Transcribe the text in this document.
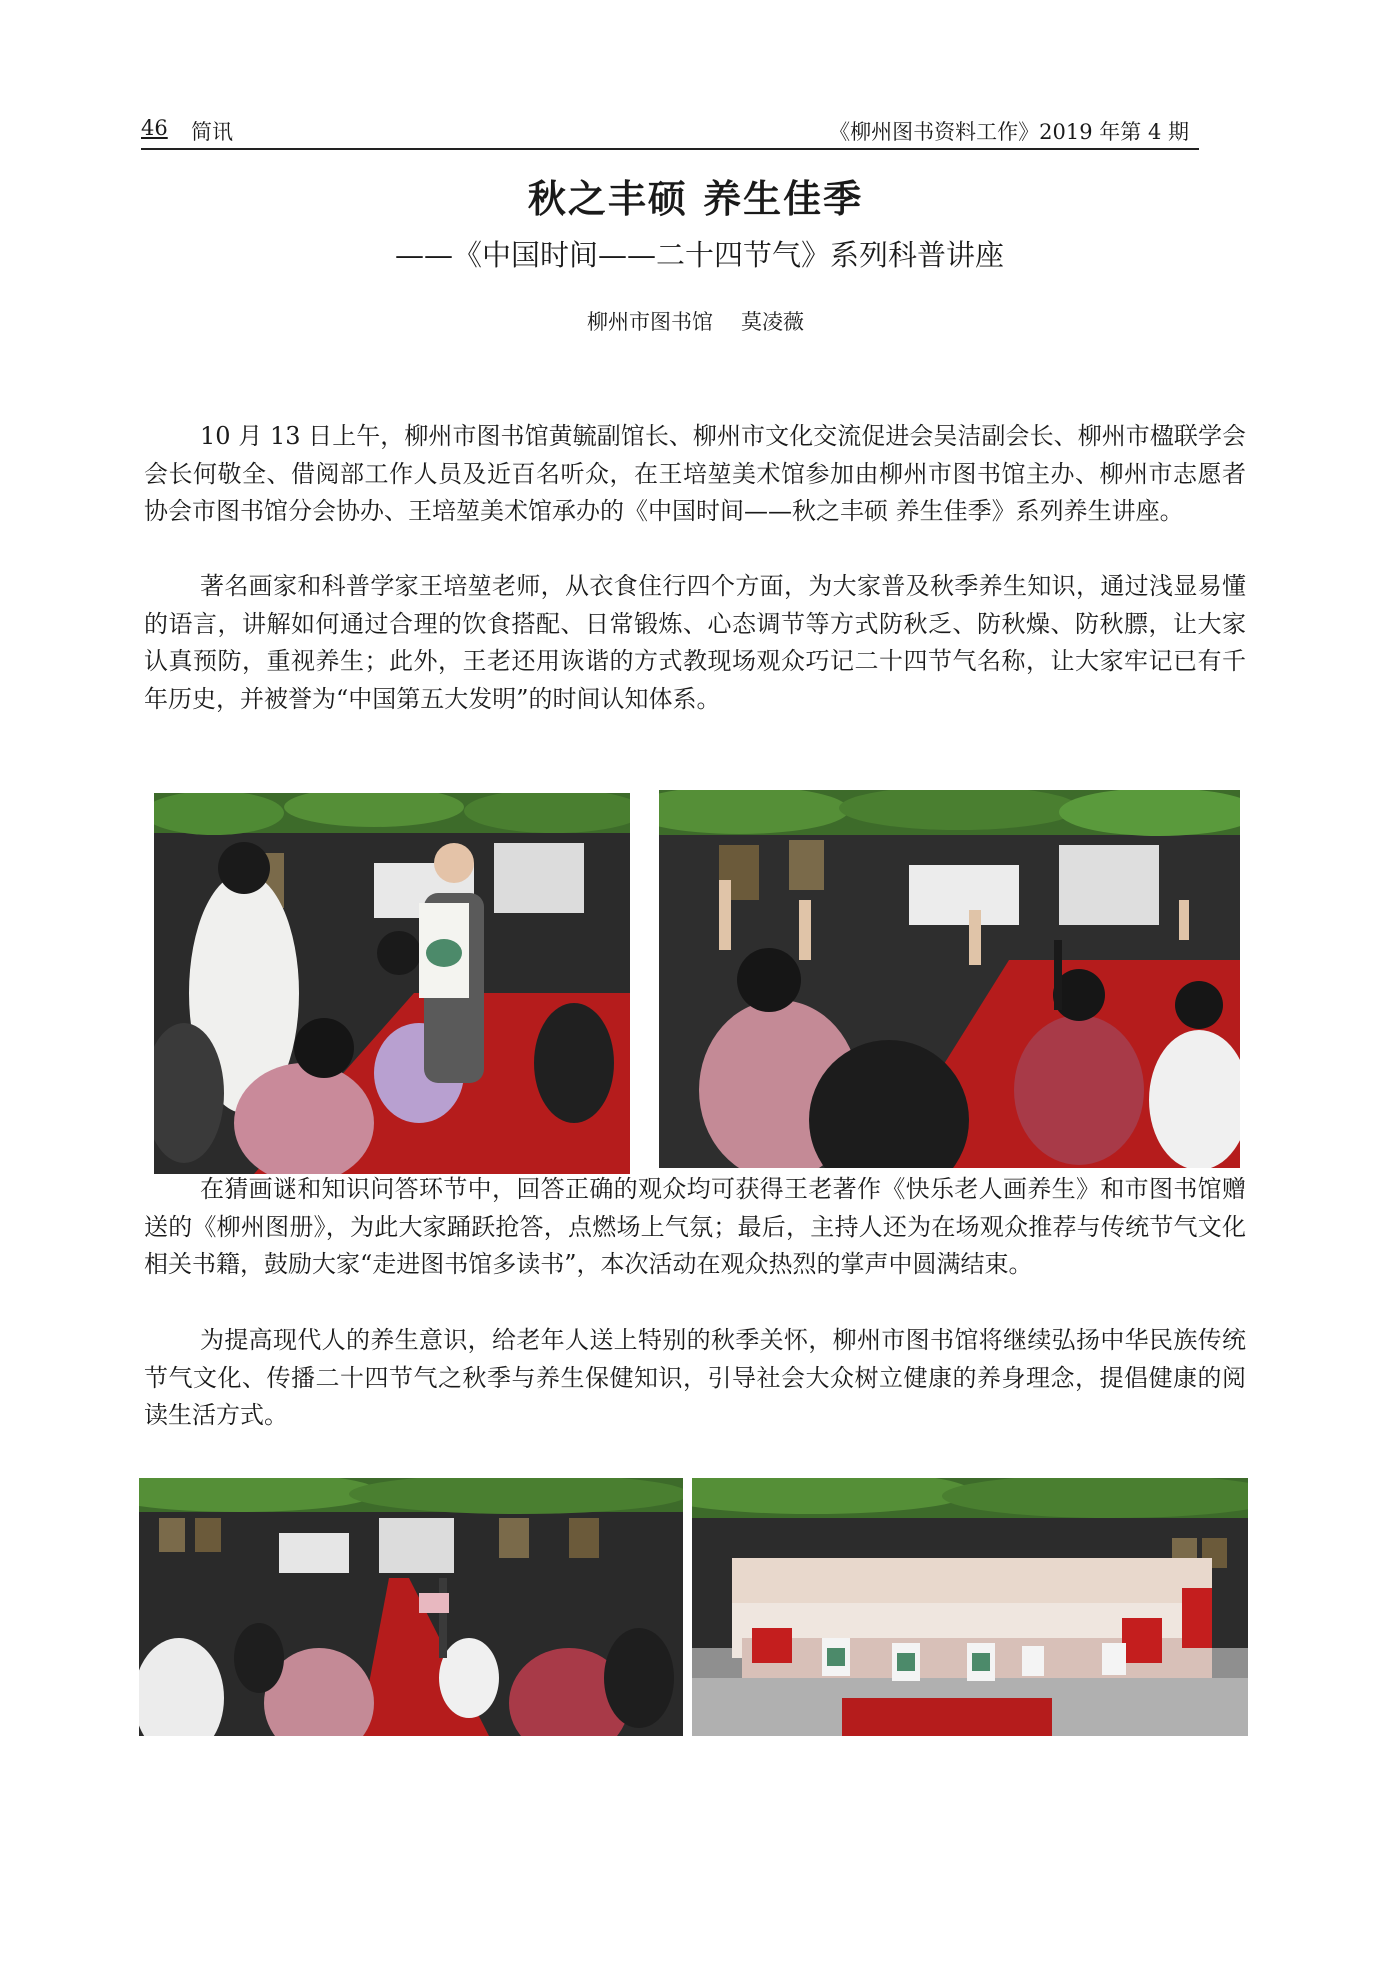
46 简讯	《柳州图书资料工作》2019 年第 4 期
秋之丰硕 养生佳季
——《中国时间——二十四节气》系列科普讲座
柳州市图书馆 莫凌薇

10 月 13 日上午，柳州市图书馆黄毓副馆长、柳州市文化交流促进会吴洁副会长、柳州市楹联学会会长何敬全、借阅部工作人员及近百名听众，在王培堃美术馆参加由柳州市图书馆主办、柳州市志愿者协会市图书馆分会协办、王培堃美术馆承办的《中国时间——秋之丰硕 养生佳季》系列养生讲座。

著名画家和科普学家王培堃老师，从衣食住行四个方面，为大家普及秋季养生知识，通过浅显易懂的语言，讲解如何通过合理的饮食搭配、日常锻炼、心态调节等方式防秋乏、防秋燥、防秋膘，让大家认真预防，重视养生；此外，王老还用诙谐的方式教现场观众巧记二十四节气名称，让大家牢记已有千年历史，并被誉为“中国第五大发明”的时间认知体系。

在猜画谜和知识问答环节中，回答正确的观众均可获得王老著作《快乐老人画养生》和市图书馆赠送的《柳州图册》，为此大家踊跃抢答，点燃场上气氛；最后，主持人还为在场观众推荐与传统节气文化相关书籍，鼓励大家“走进图书馆多读书”，本次活动在观众热烈的掌声中圆满结束。

为提高现代人的养生意识，给老年人送上特别的秋季关怀，柳州市图书馆将继续弘扬中华民族传统节气文化、传播二十四节气之秋季与养生保健知识，引导社会大众树立健康的养身理念，提倡健康的阅读生活方式。
